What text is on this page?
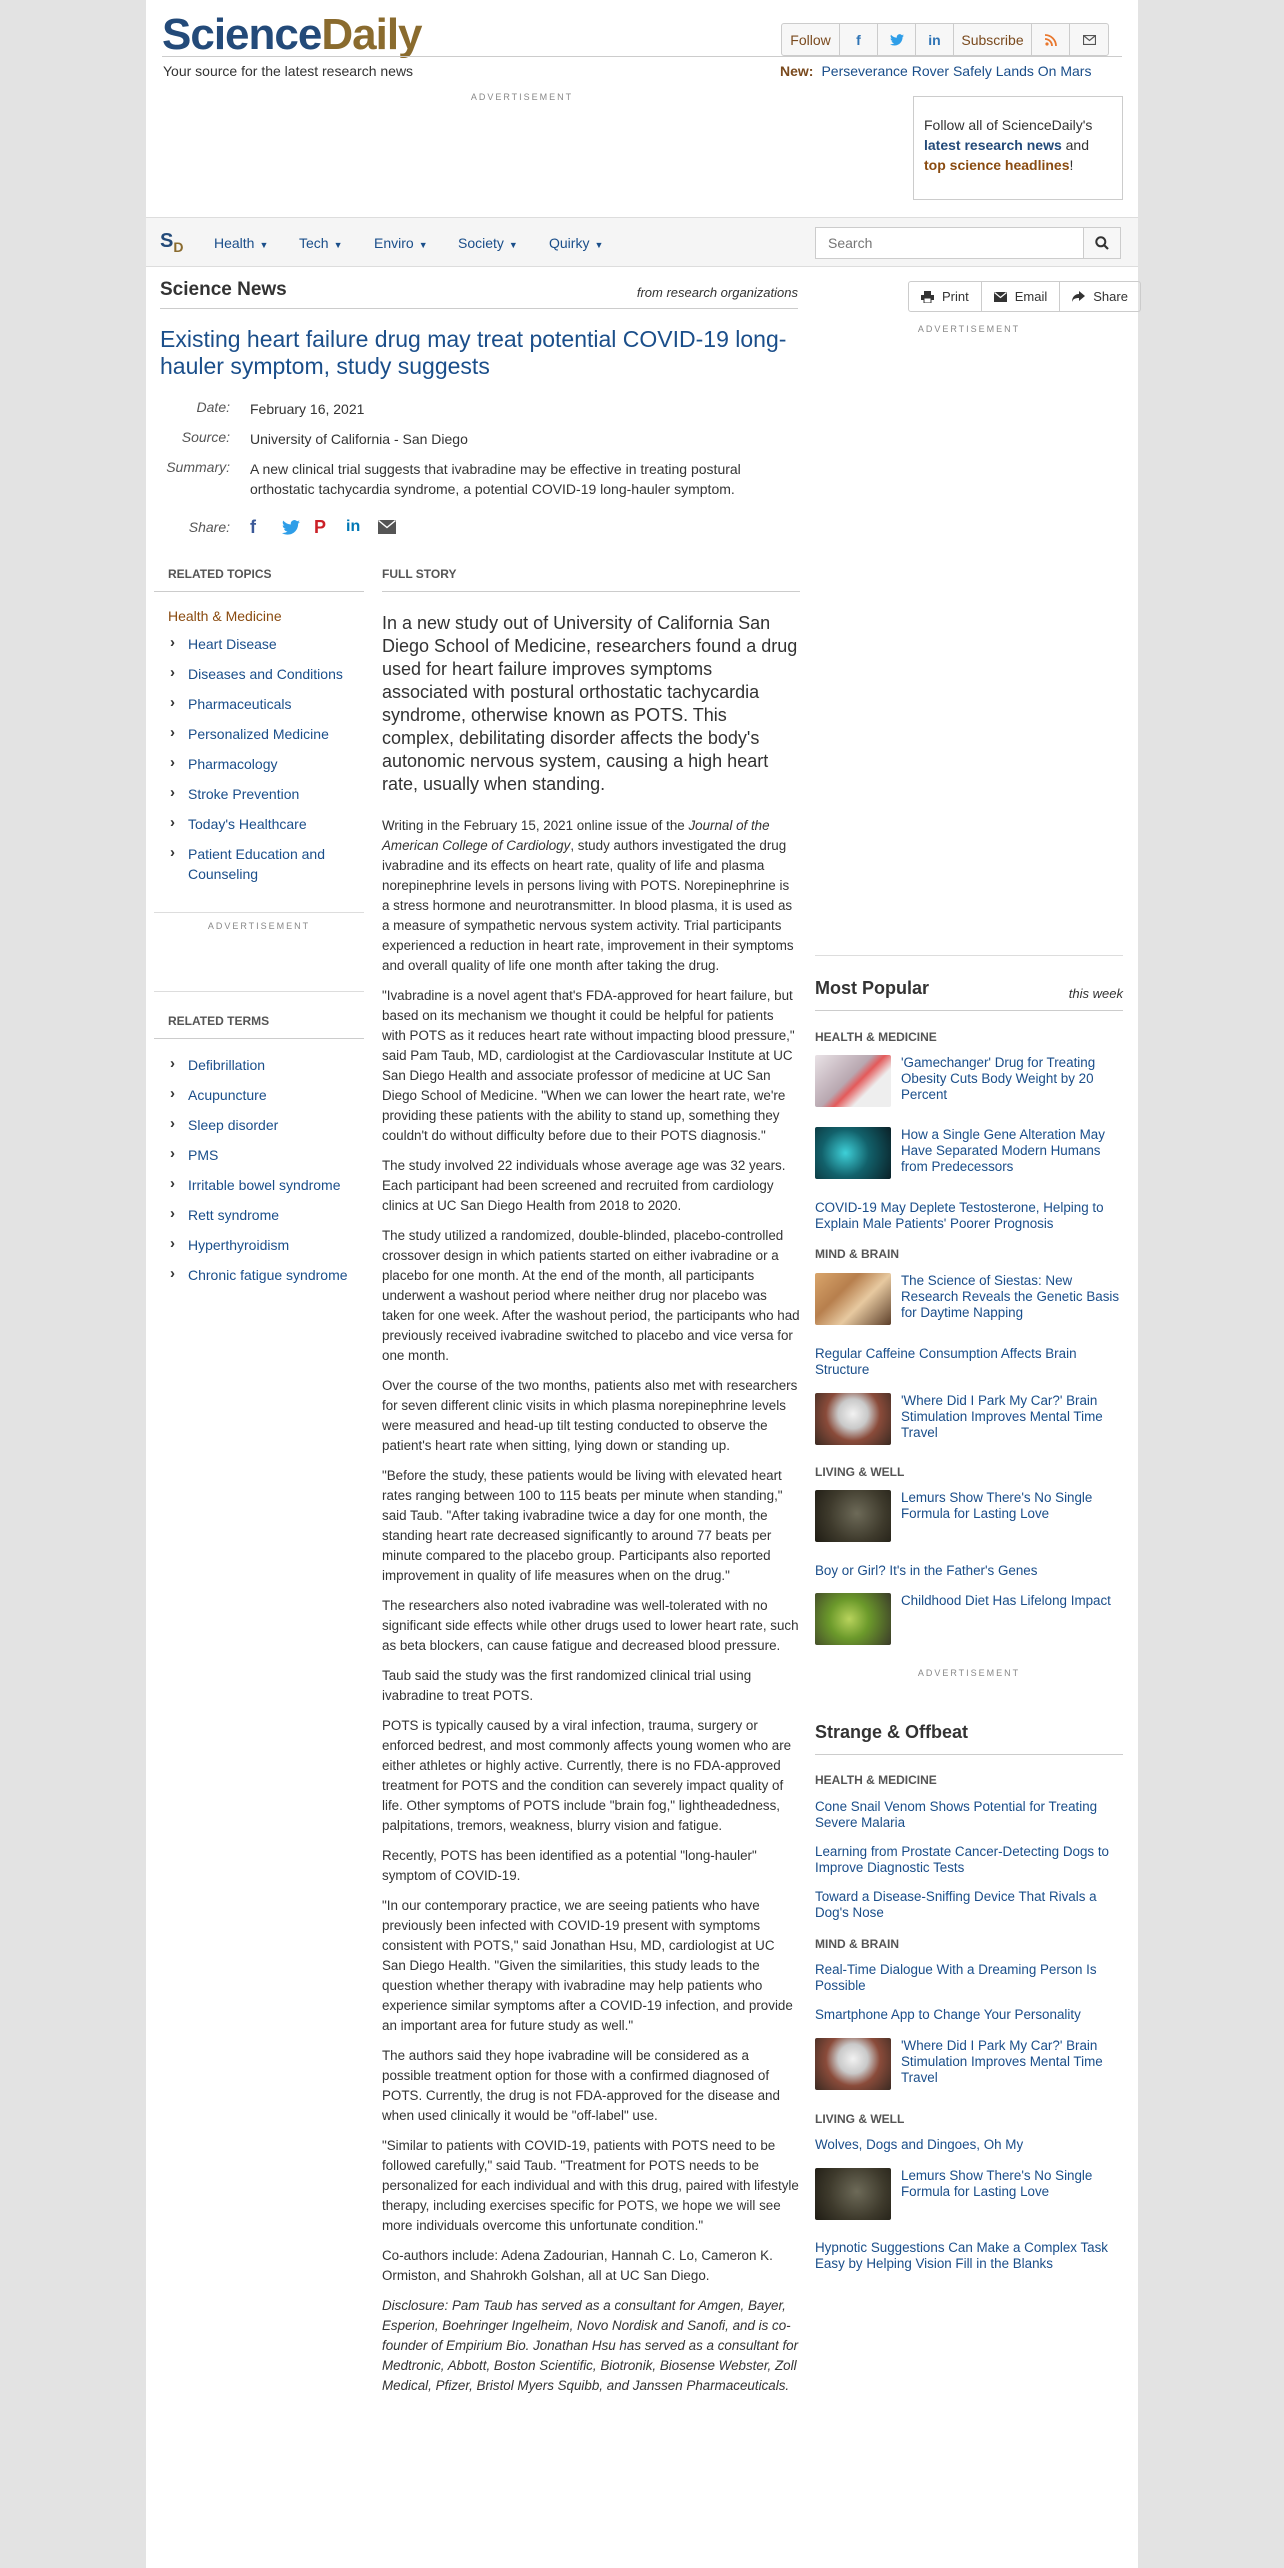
ScienceDaily
Your source for the latest research news
Follow	f	in	Subscribe
New: Perseverance Rover Safely Lands On Mars
ADVERTISEMENT
Follow all of ScienceDaily's
latest research news and
top science headlines!
$S_D$ Health ▼ Tech ▼ Enviro ▼ Society ▼ Quirky ▼
Search
Science News	from research organizations
Existing heart failure drug may treat potential COVID-19 long-hauler symptom, study suggests
Date: February 16, 2021
Source: University of California - San Diego
Summary: A new clinical trial suggests that ivabradine may be effective in treating postural orthostatic tachycardia syndrome, a potential COVID-19 long-hauler symptom.
Share: f	P	in
RELATED TOPICS
Health & Medicine
› Heart Disease
› Diseases and Conditions
› Pharmaceuticals
› Personalized Medicine
› Pharmacology
› Stroke Prevention
› Today's Healthcare
› Patient Education and Counseling
ADVERTISEMENT
RELATED TERMS
› Defibrillation
› Acupuncture
› Sleep disorder
› PMS
› Irritable bowel syndrome
› Rett syndrome
› Hyperthyroidism
› Chronic fatigue syndrome
FULL STORY
In a new study out of University of California San Diego School of Medicine, researchers found a drug used for heart failure improves symptoms associated with postural orthostatic tachycardia syndrome, otherwise known as POTS. This complex, debilitating disorder affects the body's autonomic nervous system, causing a high heart rate, usually when standing.

Writing in the February 15, 2021 online issue of the Journal of the American College of Cardiology, study authors investigated the drug ivabradine and its effects on heart rate, quality of life and plasma norepinephrine levels in persons living with POTS. Norepinephrine is a stress hormone and neurotransmitter. In blood plasma, it is used as a measure of sympathetic nervous system activity. Trial participants experienced a reduction in heart rate, improvement in their symptoms and overall quality of life one month after taking the drug.

"Ivabradine is a novel agent that's FDA-approved for heart failure, but based on its mechanism we thought it could be helpful for patients with POTS as it reduces heart rate without impacting blood pressure," said Pam Taub, MD, cardiologist at the Cardiovascular Institute at UC San Diego Health and associate professor of medicine at UC San Diego School of Medicine. "When we can lower the heart rate, we're providing these patients with the ability to stand up, something they couldn't do without difficulty before due to their POTS diagnosis."

The study involved 22 individuals whose average age was 32 years. Each participant had been screened and recruited from cardiology clinics at UC San Diego Health from 2018 to 2020.

The study utilized a randomized, double-blinded, placebo-controlled crossover design in which patients started on either ivabradine or a placebo for one month. At the end of the month, all participants underwent a washout period where neither drug nor placebo was taken for one week. After the washout period, the participants who had previously received ivabradine switched to placebo and vice versa for one month.

Over the course of the two months, patients also met with researchers for seven different clinic visits in which plasma norepinephrine levels were measured and head-up tilt testing conducted to observe the patient's heart rate when sitting, lying down or standing up.

"Before the study, these patients would be living with elevated heart rates ranging between 100 to 115 beats per minute when standing," said Taub. "After taking ivabradine twice a day for one month, the standing heart rate decreased significantly to around 77 beats per minute compared to the placebo group. Participants also reported improvement in quality of life measures when on the drug."

The researchers also noted ivabradine was well-tolerated with no significant side effects while other drugs used to lower heart rate, such as beta blockers, can cause fatigue and decreased blood pressure.

Taub said the study was the first randomized clinical trial using ivabradine to treat POTS.

POTS is typically caused by a viral infection, trauma, surgery or enforced bedrest, and most commonly affects young women who are either athletes or highly active. Currently, there is no FDA-approved treatment for POTS and the condition can severely impact quality of life. Other symptoms of POTS include "brain fog," lightheadedness, palpitations, tremors, weakness, blurry vision and fatigue.

Recently, POTS has been identified as a potential "long-hauler" symptom of COVID-19.

"In our contemporary practice, we are seeing patients who have previously been infected with COVID-19 present with symptoms consistent with POTS," said Jonathan Hsu, MD, cardiologist at UC San Diego Health. "Given the similarities, this study leads to the question whether therapy with ivabradine may help patients who experience similar symptoms after a COVID-19 infection, and provide an important area for future study as well."

The authors said they hope ivabradine will be considered as a possible treatment option for those with a confirmed diagnosed of POTS. Currently, the drug is not FDA-approved for the disease and when used clinically it would be "off-label" use.

"Similar to patients with COVID-19, patients with POTS need to be followed carefully," said Taub. "Treatment for POTS needs to be personalized for each individual and with this drug, paired with lifestyle therapy, including exercises specific for POTS, we hope we will see more individuals overcome this unfortunate condition."

Co-authors include: Adena Zadourian, Hannah C. Lo, Cameron K. Ormiston, and Shahrokh Golshan, all at UC San Diego.

Disclosure: Pam Taub has served as a consultant for Amgen, Bayer, Esperion, Boehringer Ingelheim, Novo Nordisk and Sanofi, and is co-founder of Empirium Bio. Jonathan Hsu has served as a consultant for Medtronic, Abbott, Boston Scientific, Biotronik, Biosense Webster, Zoll Medical, Pfizer, Bristol Myers Squibb, and Janssen Pharmaceuticals.

Print	Email	Share
ADVERTISEMENT
Most Popular	this week
HEALTH & MEDICINE
'Gamechanger' Drug for Treating Obesity Cuts Body Weight by 20 Percent
How a Single Gene Alteration May Have Separated Modern Humans from Predecessors
COVID-19 May Deplete Testosterone, Helping to Explain Male Patients' Poorer Prognosis
MIND & BRAIN
The Science of Siestas: New Research Reveals the Genetic Basis for Daytime Napping
Regular Caffeine Consumption Affects Brain Structure
'Where Did I Park My Car?' Brain Stimulation Improves Mental Time Travel
LIVING & WELL
Lemurs Show There's No Single Formula for Lasting Love
Boy or Girl? It's in the Father's Genes
Childhood Diet Has Lifelong Impact
ADVERTISEMENT
Strange & Offbeat
HEALTH & MEDICINE
Cone Snail Venom Shows Potential for Treating Severe Malaria
Learning from Prostate Cancer-Detecting Dogs to Improve Diagnostic Tests
Toward a Disease-Sniffing Device That Rivals a Dog's Nose
MIND & BRAIN
Real-Time Dialogue With a Dreaming Person Is Possible
Smartphone App to Change Your Personality
'Where Did I Park My Car?' Brain Stimulation Improves Mental Time Travel
LIVING & WELL
Wolves, Dogs and Dingoes, Oh My
Lemurs Show There's No Single Formula for Lasting Love
Hypnotic Suggestions Can Make a Complex Task Easy by Helping Vision Fill in the Blanks
